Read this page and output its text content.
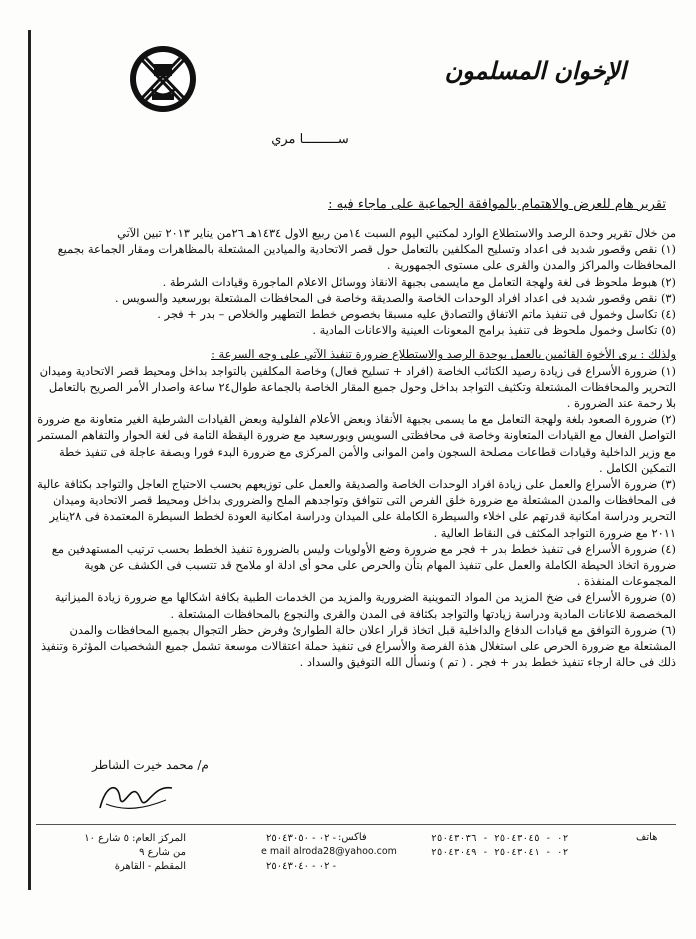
الإخوان المسلمون
ســـــــــا مري
تقرير هام للعرض والاهتمام بالموافقة الجماعية على ماجاء فيه :

من خلال تقرير وحدة الرصد والاستطلاع الوارد لمكتبي اليوم السبت ١٤من ربيع الاول ١٤٣٤هـ ٢٦من يناير ٢٠١٣ تبين الآتي

(١) نقص وقصور شديد فى اعداد وتسليح المكلفين بالتعامل حول قصر الاتحادية والميادين المشتعلة بالمظاهرات ومقار الجماعة بجميع المحافظات والمراكز والمدن والقرى على مستوى الجمهورية .

(٢) هبوط ملحوظ فى لغة ولهجة التعامل مع مايسمى بجبهة الانقاذ ووسائل الاعلام الماجورة وقيادات الشرطة .

(٣) نقص وقصور شديد فى اعداد افراد الوحدات الخاصة والصديقة وخاصة فى المحافظات المشتعلة بورسعيد والسويس .

(٤) تكاسل وخمول فى تنفيذ ماتم الاتفاق والتصادق عليه مسبقا بخصوص خطط التطهير والخلاص – بدر + فجر .

(٥) تكاسل وخمول ملحوظ فى تنفيذ برامج المعونات العينية والاعانات المادية .

ولذلك : يرى الأخوة القائمين بالعمل بوحدة الرصد والاستطلاع ضرورة تنفيذ الآتي على وجه السرعة :

(١) ضرورة الأسراع فى زيادة رصيد الكتائب الخاصة (افراد + تسليح فعال) وخاصة المكلفين بالتواجد بداخل ومحيط قصر الاتحادية وميدان التحرير والمحافظات المشتعلة وتكثيف التواجد بداخل وحول جميع المقار الخاصة بالجماعة طوال٢٤ ساعة واصدار الأمر الصريح بالتعامل بلا رحمة عند الضرورة .

(٢) ضرورة الصعود بلغة ولهجة التعامل مع ما يسمى بجبهة الأنقاذ وبعض الأعلام الفلولية وبعض القيادات الشرطية الغير متعاونة مع ضرورة التواصل الفعال مع القيادات المتعاونة وخاصة فى محافظتى السويس وبورسعيد مع ضرورة اليقظة التامة فى لغة الحوار والتفاهم المستمر مع وزير الداخلية وقيادات قطاعات مصلحة السجون وامن الموانى والأمن المركزى مع ضرورة البدء فورا وبصفة عاجلة فى تنفيذ خطة التمكين الكامل .

(٣) ضرورة الأسراع والعمل على زيادة افراد الوحدات الخاصة والصديقة والعمل على توزيعهم بحسب الاحتياج العاجل والتواجد بكثافة عالية فى المحافظات والمدن المشتعلة مع ضرورة خلق الفرص التى تتوافق وتواجدهم الملح والضرورى بداخل ومحيط قصر الاتحادية وميدان التحرير ودراسة امكانية قدرتهم على اخلاء والسيطرة الكاملة على الميدان ودراسة امكانية العودة لخطط السيطرة المعتمدة فى ٢٨يناير ٢٠١١ مع ضرورة التواجد المكثف فى النقاط العالية .

(٤) ضرورة الأسراع فى تنفيذ خطط بدر + فجر مع ضرورة وضع الأولويات وليس بالضرورة تنفيذ الخطط بحسب ترتيب المستهدفين مع ضرورة اتخاذ الحيطة الكاملة والعمل على تنفيذ المهام بتأن والحرص على محو أى ادلة او ملامح قد تتسبب فى الكشف عن هوية المجموعات المنفذة .

(٥) ضرورة الأسراع فى ضخ المزيد من المواد التموينية الضرورية والمزيد من الخدمات الطبية بكافة اشكالها مع ضرورة زيادة الميزانية المخصصة للاعانات المادية ودراسة زيادتها والتواجد بكثافة فى المدن والقرى والنجوع بالمحافظات المشتعلة .

(٦) ضرورة التوافق مع قيادات الدفاع والداخلية قبل اتخاذ قرار اعلان حالة الطوارئ وفرض حظر التجوال بجميع المحافظات والمدن المشتعلة مع ضرورة الحرص على استغلال هذة الفرصة والأسراع فى تنفيذ حملة اعتقالات موسعة تشمل جميع الشخصيات المؤثرة وتنفيذ ذلك فى حالة ارجاء تنفيذ خطط بدر + فجر . ( تم ) ونسأل الله التوفيق والسداد .

م/ محمد خيرت الشاطر
المركز العام: ٥ شارع ١٠ من شارع ٩
المقطم - القاهرة
٠٢ - ٢٥٠٤٣٠٥٠ - فاكس:
e mail alroda28@yahoo.com
٠٢ - ٢٥٠٤٣٠٤٠ -
٠٢ - ٢٥٠٤٣٠٤٥ - ٢٥٠٤٣٠٣٦
٠٢ - ٢٥٠٤٣٠٤١ - ٢٥٠٤٣٠٤٩
هاتف
